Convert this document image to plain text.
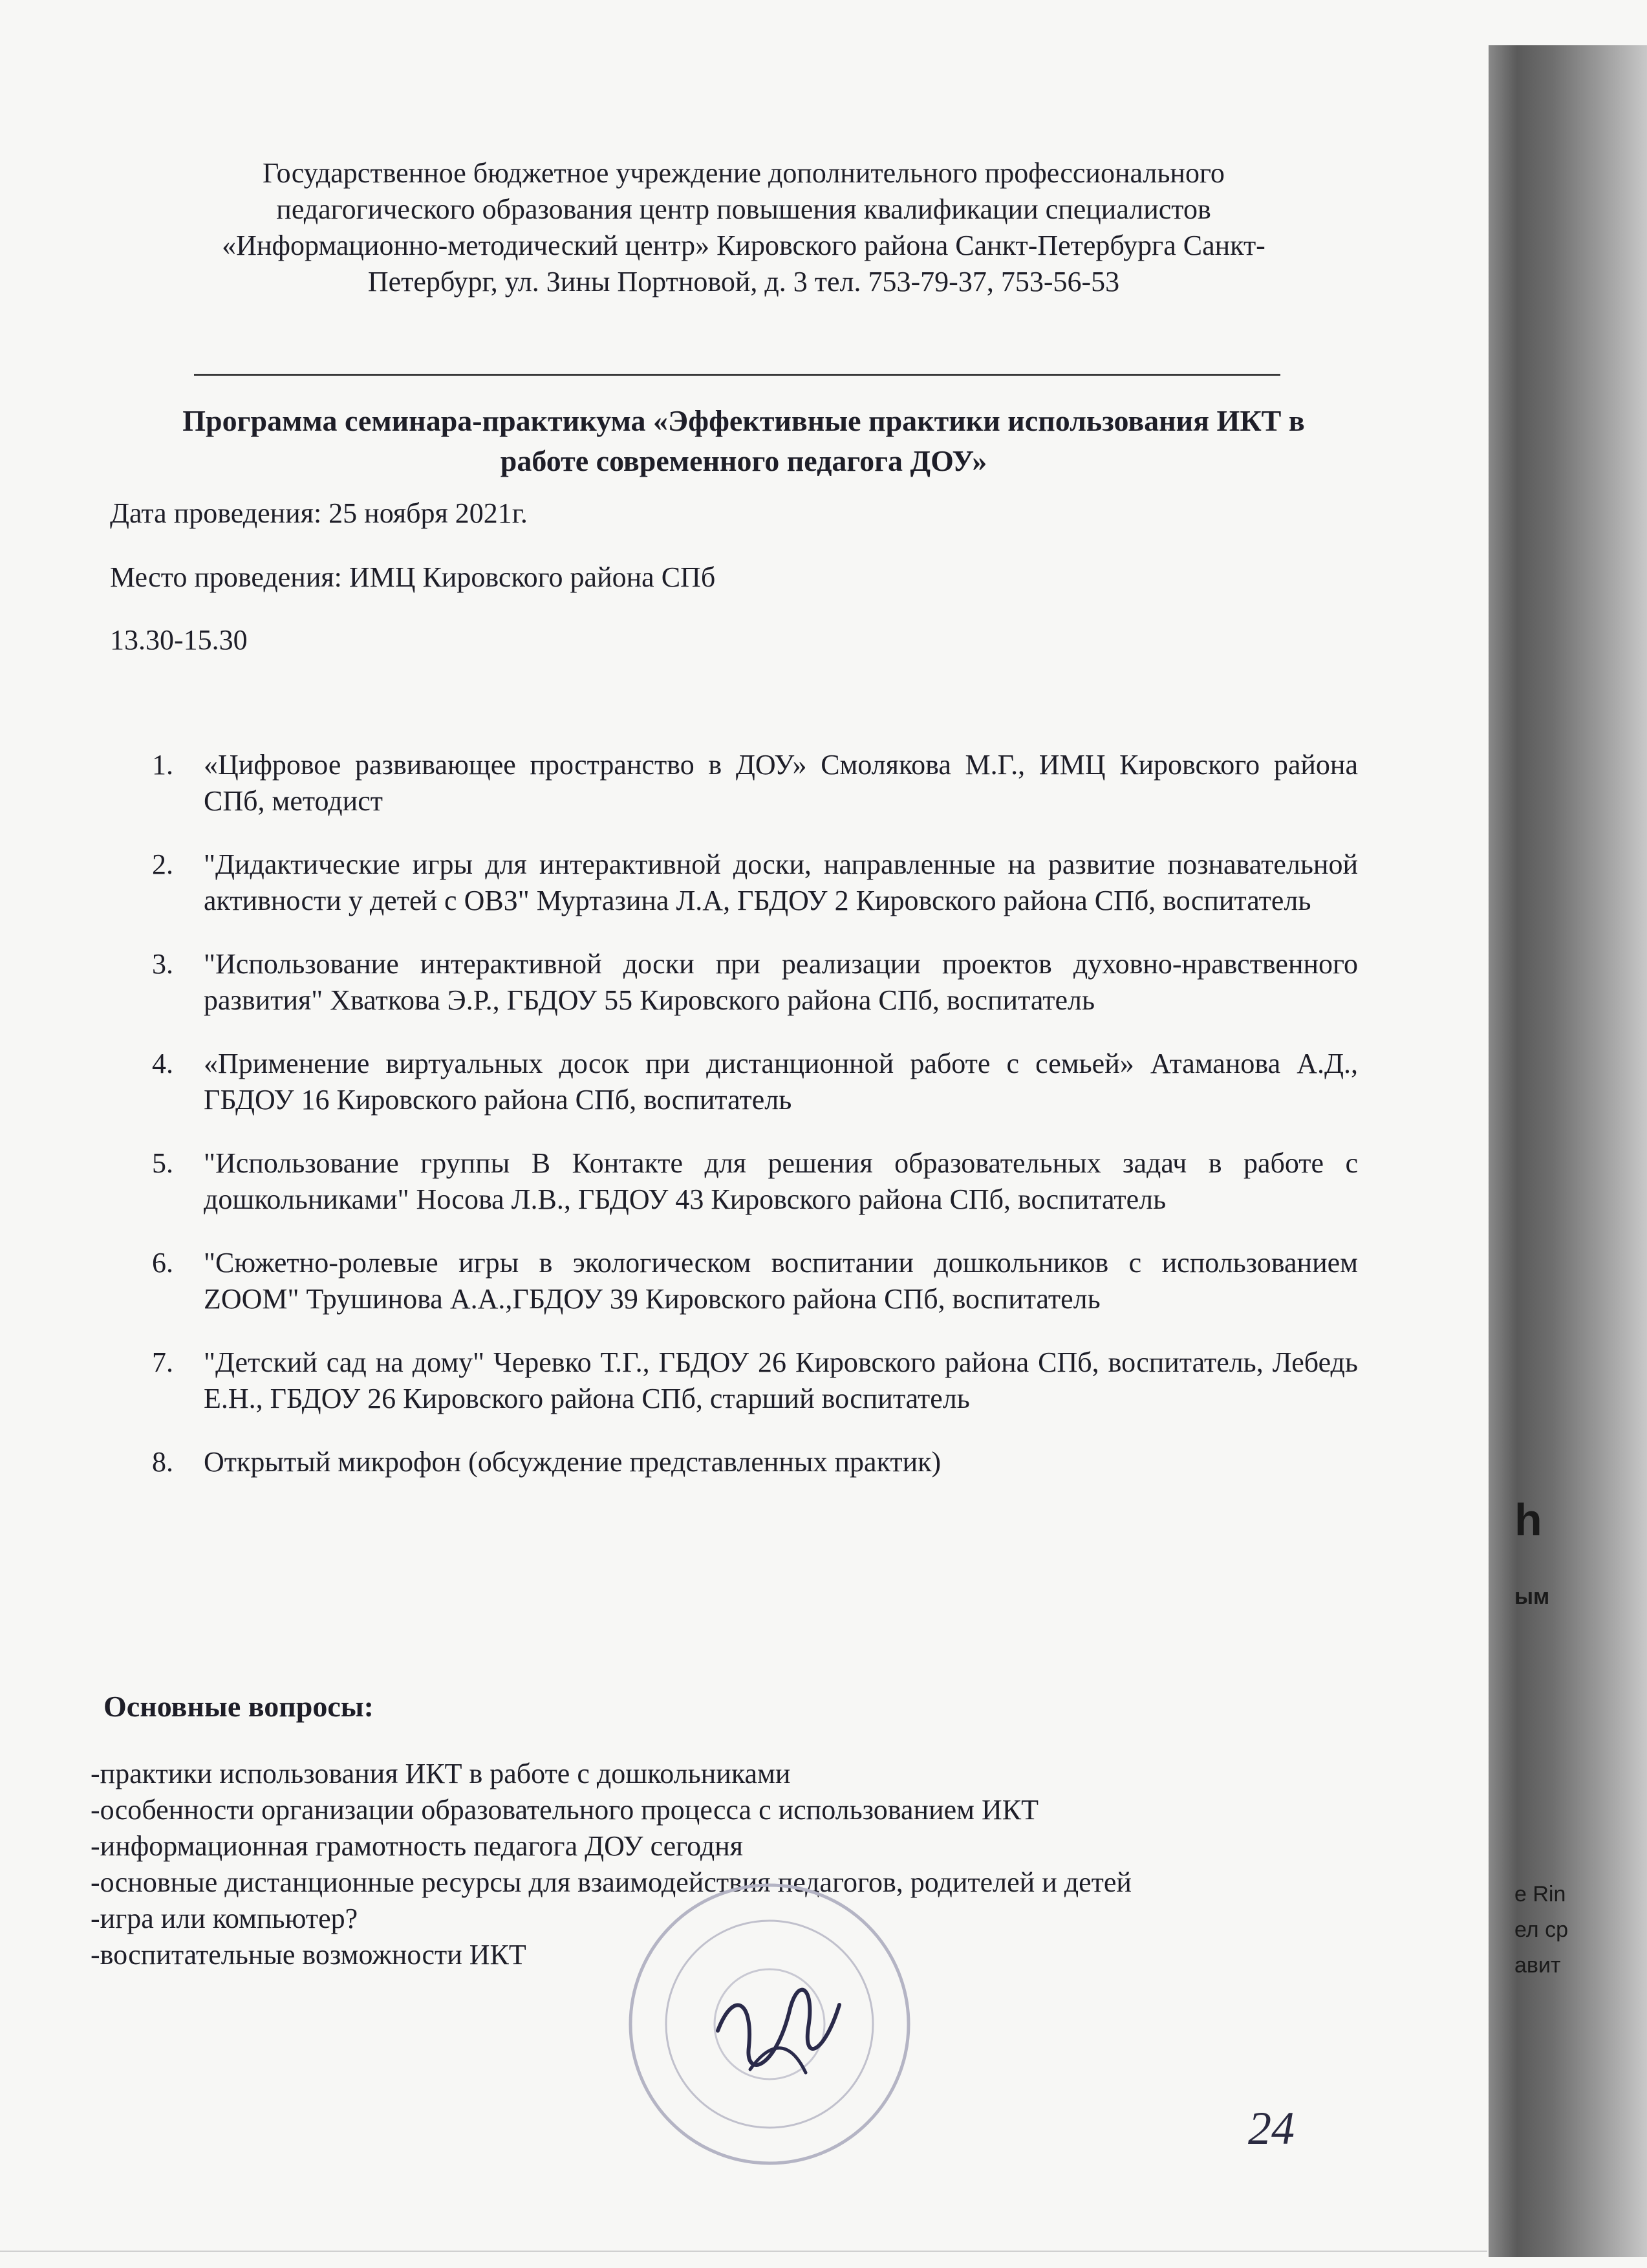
h
ым
e Rin
ел ср
авит
Государственное бюджетное учреждение дополнительного профессионального
педагогического образования центр повышения квалификации специалистов
«Информационно-методический центр» Кировского района Санкт-Петербурга Санкт-
Петербург, ул. Зины Портновой, д. 3 тел. 753-79-37, 753-56-53
Программа семинара-практикума «Эффективные практики использования ИКТ в
работе современного педагога ДОУ»
Дата проведения: 25 ноября 2021г.
Место проведения: ИМЦ Кировского района СПб
13.30-15.30
1. «Цифровое развивающее пространство в ДОУ» Смолякова М.Г., ИМЦ Кировского района СПб, методист
2. "Дидактические игры для интерактивной доски, направленные на развитие познавательной активности у детей с ОВЗ" Муртазина Л.А, ГБДОУ 2 Кировского района СПб, воспитатель
3. "Использование интерактивной доски при реализации проектов духовно-нравственного развития" Хваткова Э.Р., ГБДОУ 55 Кировского района СПб, воспитатель
4. «Применение виртуальных досок при дистанционной работе с семьей» Атаманова А.Д., ГБДОУ 16 Кировского района СПб, воспитатель
5. "Использование группы В Контакте для решения образовательных задач в работе с дошкольниками" Носова Л.В., ГБДОУ 43 Кировского района СПб, воспитатель
6. "Сюжетно-ролевые игры в экологическом воспитании дошкольников с использованием ZOOM" Трушинова А.А.,ГБДОУ 39 Кировского района СПб, воспитатель
7. "Детский сад на дому" Черевко Т.Г., ГБДОУ 26 Кировского района СПб, воспитатель, Лебедь Е.Н., ГБДОУ 26 Кировского района СПб, старший воспитатель
8. Открытый микрофон (обсуждение представленных практик)
Основные вопросы:
-практики использования ИКТ в работе с дошкольниками
-особенности организации образовательного процесса с использованием ИКТ
-информационная грамотность педагога ДОУ сегодня
-основные дистанционные ресурсы для взаимодействия педагогов, родителей и детей
-игра или компьютер?
-воспитательные возможности ИКТ
24
